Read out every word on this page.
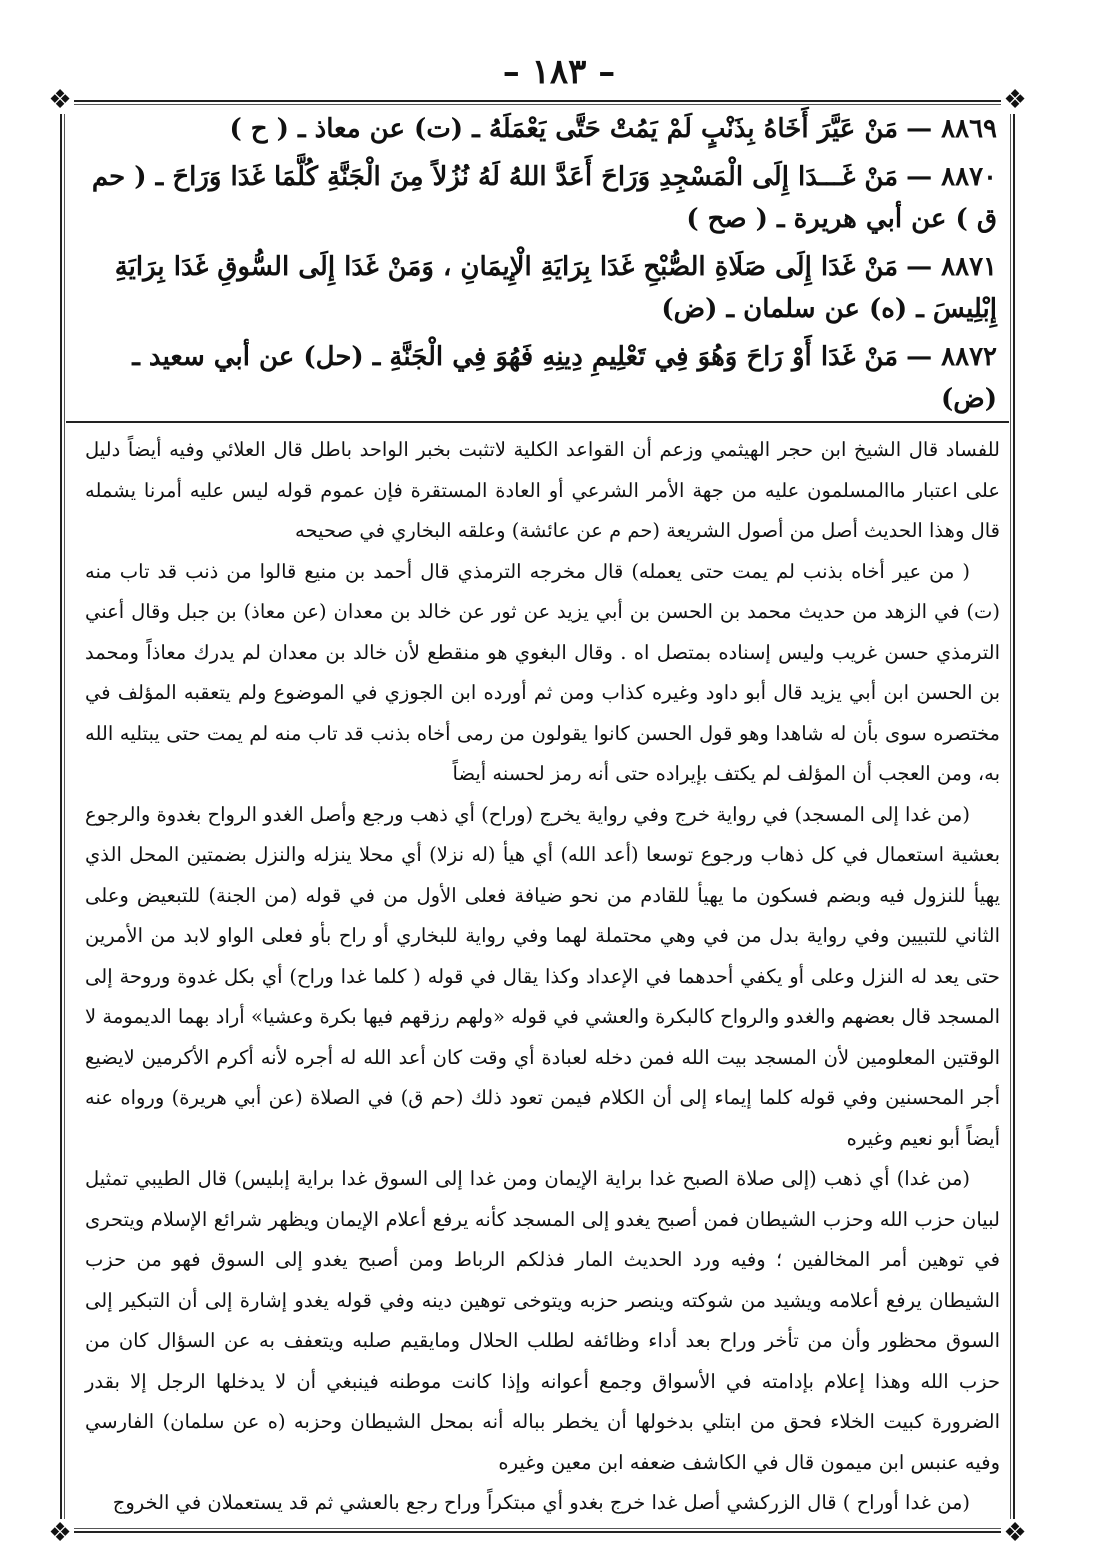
– ١٨٣ –
❖	❖
❖	❖

٨٨٦٩ —مَنْ عَيَّرَ أَخَاهُ بِذَنْبٍ لَمْ يَمُتْ حَتَّى يَعْمَلَهُ ـ (ت) عن معاذ ـ ( ح )

٨٨٧٠ —مَنْ غَـــدَا إِلَى الْمَسْجِدِ وَرَاحَ أَعَدَّ اللهُ لَهُ نُزُلاً مِنَ الْجَنَّةِ كُلَّمَا غَدَا وَرَاحَ ـ ( حم ق ) عن أبي هريرة ـ ( صح )

٨٨٧١ —مَنْ غَدَا إِلَى صَلَاةِ الصُّبْحِ غَدَا بِرَايَةِ الْإِيمَانِ ، وَمَنْ غَدَا إِلَى السُّوقِ غَدَا بِرَايَةِ إِبْلِيسَ ـ (ه) عن سلمان ـ (ض)

٨٨٧٢ —مَنْ غَدَا أَوْ رَاحَ وَهُوَ فِي تَعْلِيمِ دِينِهِ فَهُوَ فِي الْجَنَّةِ ـ (حل) عن أبي سعيد ـ (ض)

للفساد قال الشيخ ابن حجر الهيثمي وزعم أن القواعد الكلية لاتثبت بخبر الواحد باطل قال العلائي وفيه أيضاً دليل على اعتبار ماالمسلمون عليه من جهة الأمر الشرعي أو العادة المستقرة فإن عموم قوله ليس عليه أمرنا يشمله قال وهذا الحديث أصل من أصول الشريعة (حم م عن عائشة) وعلقه البخاري في صحيحه

( من عير أخاه بذنب لم يمت حتى يعمله) قال مخرجه الترمذي قال أحمد بن منيع قالوا من ذنب قد تاب منه (ت) في الزهد من حديث محمد بن الحسن بن أبي يزيد عن ثور عن خالد بن معدان (عن معاذ) بن جبل وقال أعني الترمذي حسن غريب وليس إسناده بمتصل اه . وقال البغوي هو منقطع لأن خالد بن معدان لم يدرك معاذاً ومحمد بن الحسن ابن أبي يزيد قال أبو داود وغيره كذاب ومن ثم أورده ابن الجوزي في الموضوع ولم يتعقبه المؤلف في مختصره سوى بأن له شاهدا وهو قول الحسن كانوا يقولون من رمى أخاه بذنب قد تاب منه لم يمت حتى يبتليه الله به، ومن العجب أن المؤلف لم يكتف بإيراده حتى أنه رمز لحسنه أيضاً

(من غدا إلى المسجد) في رواية خرج وفي رواية يخرج (وراح) أي ذهب ورجع وأصل الغدو الرواح بغدوة والرجوع بعشية استعمال في كل ذهاب ورجوع توسعا (أعد الله) أي هيأ (له نزلا) أي محلا ينزله والنزل بضمتين المحل الذي يهيأ للنزول فيه وبضم فسكون ما يهيأ للقادم من نحو ضيافة فعلى الأول من في قوله (من الجنة) للتبعيض وعلى الثاني للتبيين وفي رواية بدل من في وهي محتملة لهما وفي رواية للبخاري أو راح بأو فعلى الواو لابد من الأمرين حتى يعد له النزل وعلى أو يكفي أحدهما في الإعداد وكذا يقال في قوله ( كلما غدا وراح) أي بكل غدوة وروحة إلى المسجد قال بعضهم والغدو والرواح كالبكرة والعشي في قوله «ولهم رزقهم فيها بكرة وعشيا» أراد بهما الديمومة لا الوقتين المعلومين لأن المسجد بيت الله فمن دخله لعبادة أي وقت كان أعد الله له أجره لأنه أكرم الأكرمين لايضيع أجر المحسنين وفي قوله كلما إيماء إلى أن الكلام فيمن تعود ذلك (حم ق) في الصلاة (عن أبي هريرة) ورواه عنه أيضاً أبو نعيم وغيره

(من غدا) أي ذهب (إلى صلاة الصبح غدا براية الإيمان ومن غدا إلى السوق غدا براية إبليس) قال الطيبي تمثيل لبيان حزب الله وحزب الشيطان فمن أصبح يغدو إلى المسجد كأنه يرفع أعلام الإيمان ويظهر شرائع الإسلام ويتحرى في توهين أمر المخالفين ؛ وفيه ورد الحديث المار فذلكم الرباط ومن أصبح يغدو إلى السوق فهو من حزب الشيطان يرفع أعلامه ويشيد من شوكته وينصر حزبه ويتوخى توهين دينه وفي قوله يغدو إشارة إلى أن التبكير إلى السوق محظور وأن من تأخر وراح بعد أداء وظائفه لطلب الحلال ومايقيم صلبه ويتعفف به عن السؤال كان من حزب الله وهذا إعلام بإدامته في الأسواق وجمع أعوانه وإذا كانت موطنه فينبغي أن لا يدخلها الرجل إلا بقدر الضرورة كبيت الخلاء فحق من ابتلي بدخولها أن يخطر بباله أنه بمحل الشيطان وحزبه (ه عن سلمان) الفارسي وفيه عنبس ابن ميمون قال في الكاشف ضعفه ابن معين وغيره

(من غدا أوراح ) قال الزركشي أصل غدا خرج بغدو أي مبتكراً وراح رجع بالعشي ثم قد يستعملان في الخروج
